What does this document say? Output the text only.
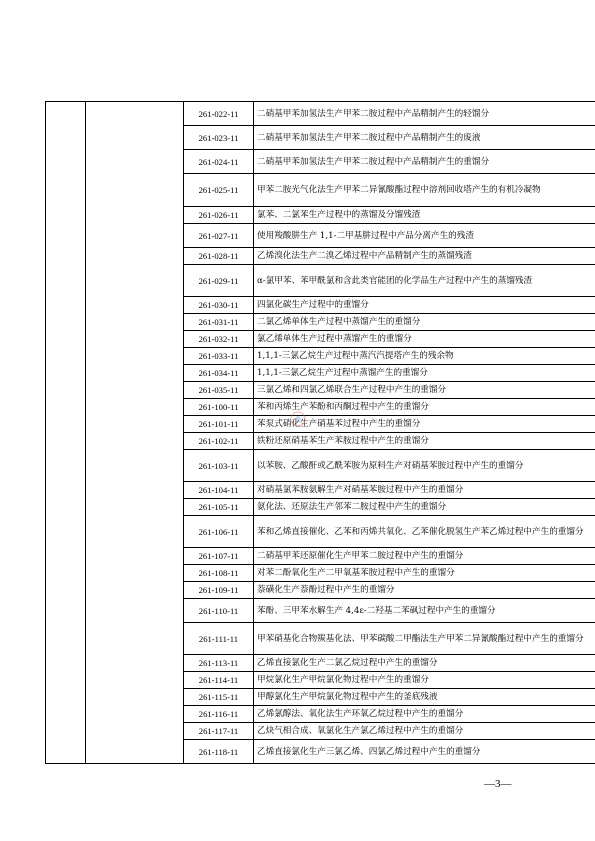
		261-022-11	二硝基甲苯加氢法生产甲苯二胺过程中产品精制产生的轻馏分
		261-023-11	二硝基甲苯加氢法生产甲苯二胺过程中产品精制产生的废液
		261-024-11	二硝基甲苯加氢法生产甲苯二胺过程中产品精制产生的重馏分
		261-025-11	甲苯二胺光气化法生产甲苯二异氰酸酯过程中溶剂回收塔产生的有机冷凝物
		261-026-11	氯苯、二氯苯生产过程中的蒸馏及分馏残渣
		261-027-11	使用羧酸肼生产 1,1-二甲基肼过程中产品分离产生的残渣
		261-028-11	乙烯溴化法生产二溴乙烯过程中产品精制产生的蒸馏残渣
		261-029-11	α-氯甲苯、苯甲酰氯和含此类官能团的化学品生产过程中产生的蒸馏残渣
		261-030-11	四氯化碳生产过程中的重馏分
		261-031-11	二氯乙烯单体生产过程中蒸馏产生的重馏分
		261-032-11	氯乙烯单体生产过程中蒸馏产生的重馏分
		261-033-11	1,1,1-三氯乙烷生产过程中蒸汽汽提塔产生的残余物
		261-034-11	1,1,1-三氯乙烷生产过程中蒸馏产生的重馏分
		261-035-11	三氯乙烯和四氯乙烯联合生产过程中产生的重馏分
		261-100-11	苯和丙烯生产苯酚和丙酮过程中产生的重馏分
		261-101-11	苯泵式硝化生产硝基苯过程中产生的重馏分
		261-102-11	铁粉还原硝基苯生产苯胺过程中产生的重馏分
		261-103-11	以苯胺、乙酸酐或乙酰苯胺为原料生产对硝基苯胺过程中产生的重馏分
		261-104-11	对硝基氯苯胺氨解生产对硝基苯胺过程中产生的重馏分
		261-105-11	氨化法、还原法生产邻苯二胺过程中产生的重馏分
		261-106-11	苯和乙烯直接催化、乙苯和丙烯共氧化、乙苯催化脱氢生产苯乙烯过程中产生的重馏分
		261-107-11	二硝基甲苯还原催化生产甲苯二胺过程中产生的重馏分
		261-108-11	对苯二酚氧化生产二甲氧基苯胺过程中产生的重馏分
		261-109-11	萘磺化生产萘酚过程中产生的重馏分
		261-110-11	苯酚、三甲苯水解生产 4,4ε-二羟基二苯砜过程中产生的重馏分
		261-111-11	甲苯硝基化合物羰基化法、甲苯碳酸二甲酯法生产甲苯二异氰酸酯过程中产生的重馏分
		261-113-11	乙烯直接氯化生产二氯乙烷过程中产生的重馏分
		261-114-11	甲烷氯化生产甲烷氯化物过程中产生的重馏分
		261-115-11	甲醇氯化生产甲烷氯化物过程中产生的釜底残液
		261-116-11	乙烯氯醇法、氧化法生产环氧乙烷过程中产生的重馏分
		261-117-11	乙炔气相合成、氧氯化生产氯乙烯过程中产生的重馏分
		261-118-11	乙烯直接氯化生产三氯乙烯、四氯乙烯过程中产生的重馏分
—3—
